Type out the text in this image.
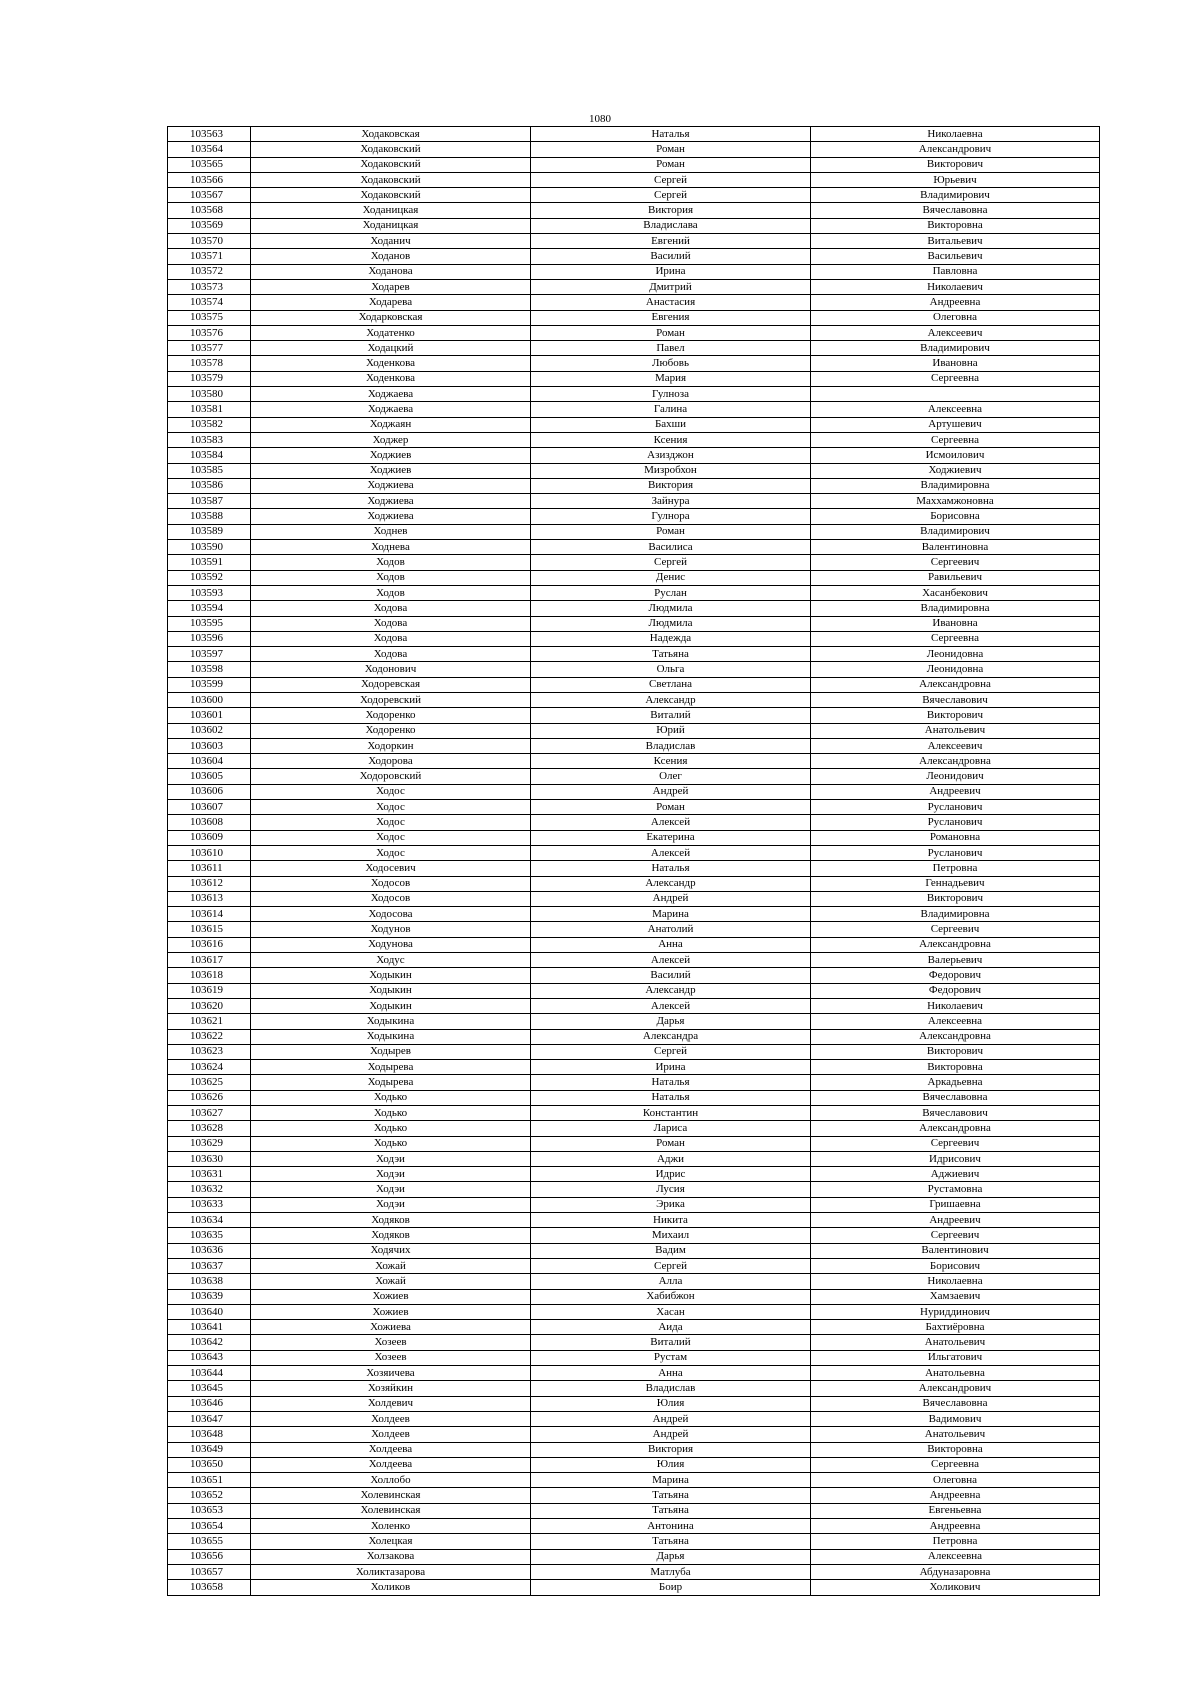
1080
103563	Ходаковская	Наталья	Николаевна
103564	Ходаковский	Роман	Александрович
103565	Ходаковский	Роман	Викторович
103566	Ходаковский	Сергей	Юрьевич
103567	Ходаковский	Сергей	Владимирович
103568	Ходаницкая	Виктория	Вячеславовна
103569	Ходаницкая	Владислава	Викторовна
103570	Ходанич	Евгений	Витальевич
103571	Ходанов	Василий	Васильевич
103572	Ходанова	Ирина	Павловна
103573	Ходарев	Дмитрий	Николаевич
103574	Ходарева	Анастасия	Андреевна
103575	Ходарковская	Евгения	Олеговна
103576	Ходатенко	Роман	Алексеевич
103577	Ходацкий	Павел	Владимирович
103578	Ходенкова	Любовь	Ивановна
103579	Ходенкова	Мария	Сергеевна
103580	Ходжаева	Гулноза	
103581	Ходжаева	Галина	Алексеевна
103582	Ходжаян	Бахши	Артушевич
103583	Ходжер	Ксения	Сергеевна
103584	Ходжиев	Азизджон	Исмоилович
103585	Ходжиев	Мизробхон	Ходжиевич
103586	Ходжиева	Виктория	Владимировна
103587	Ходжиева	Зайнура	Маххамжоновна
103588	Ходжиева	Гулнора	Борисовна
103589	Ходнев	Роман	Владимирович
103590	Ходнева	Василиса	Валентиновна
103591	Ходов	Сергей	Сергеевич
103592	Ходов	Денис	Равильевич
103593	Ходов	Руслан	Хасанбекович
103594	Ходова	Людмила	Владимировна
103595	Ходова	Людмила	Ивановна
103596	Ходова	Надежда	Сергеевна
103597	Ходова	Татьяна	Леонидовна
103598	Ходонович	Ольга	Леонидовна
103599	Ходоревская	Светлана	Александровна
103600	Ходоревский	Александр	Вячеславович
103601	Ходоренко	Виталий	Викторович
103602	Ходоренко	Юрий	Анатольевич
103603	Ходоркин	Владислав	Алексеевич
103604	Ходорова	Ксения	Александровна
103605	Ходоровский	Олег	Леонидович
103606	Ходос	Андрей	Андреевич
103607	Ходос	Роман	Русланович
103608	Ходос	Алексей	Русланович
103609	Ходос	Екатерина	Романовна
103610	Ходос	Алексей	Русланович
103611	Ходосевич	Наталья	Петровна
103612	Ходосов	Александр	Геннадьевич
103613	Ходосов	Андрей	Викторович
103614	Ходосова	Марина	Владимировна
103615	Ходунов	Анатолий	Сергеевич
103616	Ходунова	Анна	Александровна
103617	Ходус	Алексей	Валерьевич
103618	Ходыкин	Василий	Федорович
103619	Ходыкин	Александр	Федорович
103620	Ходыкин	Алексей	Николаевич
103621	Ходыкина	Дарья	Алексеевна
103622	Ходыкина	Александра	Александровна
103623	Ходырев	Сергей	Викторович
103624	Ходырева	Ирина	Викторовна
103625	Ходырева	Наталья	Аркадьевна
103626	Ходько	Наталья	Вячеславовна
103627	Ходько	Константин	Вячеславович
103628	Ходько	Лариса	Александровна
103629	Ходько	Роман	Сергеевич
103630	Ходэи	Аджи	Идрисович
103631	Ходэи	Идрис	Аджиевич
103632	Ходэи	Лусия	Рустамовна
103633	Ходэи	Эрика	Гришаевна
103634	Ходяков	Никита	Андреевич
103635	Ходяков	Михаил	Сергеевич
103636	Ходячих	Вадим	Валентинович
103637	Хожай	Сергей	Борисович
103638	Хожай	Алла	Николаевна
103639	Хожиев	Хабибжон	Хамзаевич
103640	Хожиев	Хасан	Нуриддинович
103641	Хожиева	Аида	Бахтиёровна
103642	Хозеев	Виталий	Анатольевич
103643	Хозеев	Рустам	Ильгатович
103644	Хозяичева	Анна	Анатольевна
103645	Хозяйкин	Владислав	Александрович
103646	Холдевич	Юлия	Вячеславовна
103647	Холдеев	Андрей	Вадимович
103648	Холдеев	Андрей	Анатольевич
103649	Холдеева	Виктория	Викторовна
103650	Холдеева	Юлия	Сергеевна
103651	Холлобо	Марина	Олеговна
103652	Холевинская	Татьяна	Андреевна
103653	Холевинская	Татьяна	Евгеньевна
103654	Холенко	Антонина	Андреевна
103655	Холецкая	Татьяна	Петровна
103656	Холзакова	Дарья	Алексеевна
103657	Холиктазарова	Матлуба	Абдуназаровна
103658	Холиков	Боир	Холикович
